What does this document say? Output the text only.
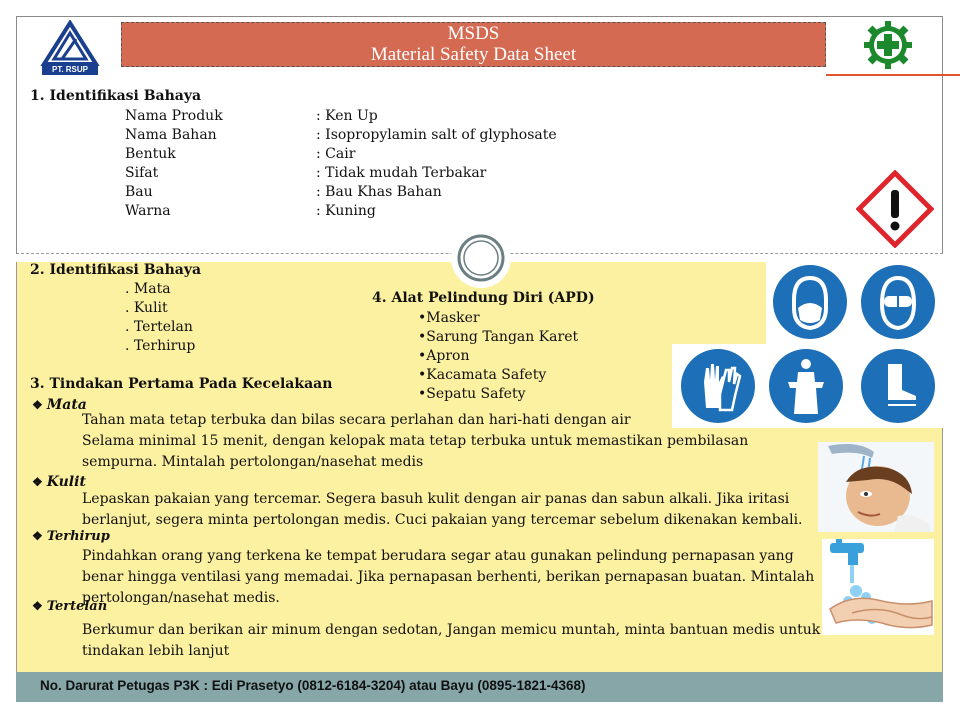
PT. RSUP
MSDS
Material Safety Data Sheet
1. Identifikasi Bahaya
Nama Produk
Nama Bahan
Bentuk
Sifat
Bau
Warna
: Ken Up
: Isopropylamin salt of glyphosate
: Cair
: Tidak mudah Terbakar
: Bau Khas Bahan
: Kuning
2. Identifikasi Bahaya
. Mata
. Kulit
. Tertelan
. Terhirup
4. Alat Pelindung Diri (APD)
•Masker
•Sarung Tangan Karet
•Apron
•Kacamata Safety
•Sepatu Safety
3. Tindakan Pertama Pada Kecelakaan
❖ Mata
Tahan mata tetap terbuka dan bilas secara perlahan dan hari-hati dengan air
Selama minimal 15 menit, dengan kelopak mata tetap terbuka untuk memastikan pembilasan
sempurna. Mintalah pertolongan/nasehat medis
❖ Kulit
Lepaskan pakaian yang tercemar. Segera basuh kulit dengan air panas dan sabun alkali. Jika iritasi
berlanjut, segera minta pertolongan medis. Cuci pakaian yang tercemar sebelum dikenakan kembali.
❖ Terhirup
Pindahkan orang yang terkena ke tempat berudara segar atau gunakan pelindung pernapasan yang
benar hingga ventilasi yang memadai. Jika pernapasan berhenti, berikan pernapasan buatan. Mintalah
pertolongan/nasehat medis.
❖ Tertelan
Berkumur dan berikan air minum dengan sedotan, Jangan memicu muntah, minta bantuan medis untuk
tindakan lebih lanjut
No. Darurat Petugas P3K : Edi Prasetyo (0812-6184-3204) atau Bayu (0895-1821-4368)
